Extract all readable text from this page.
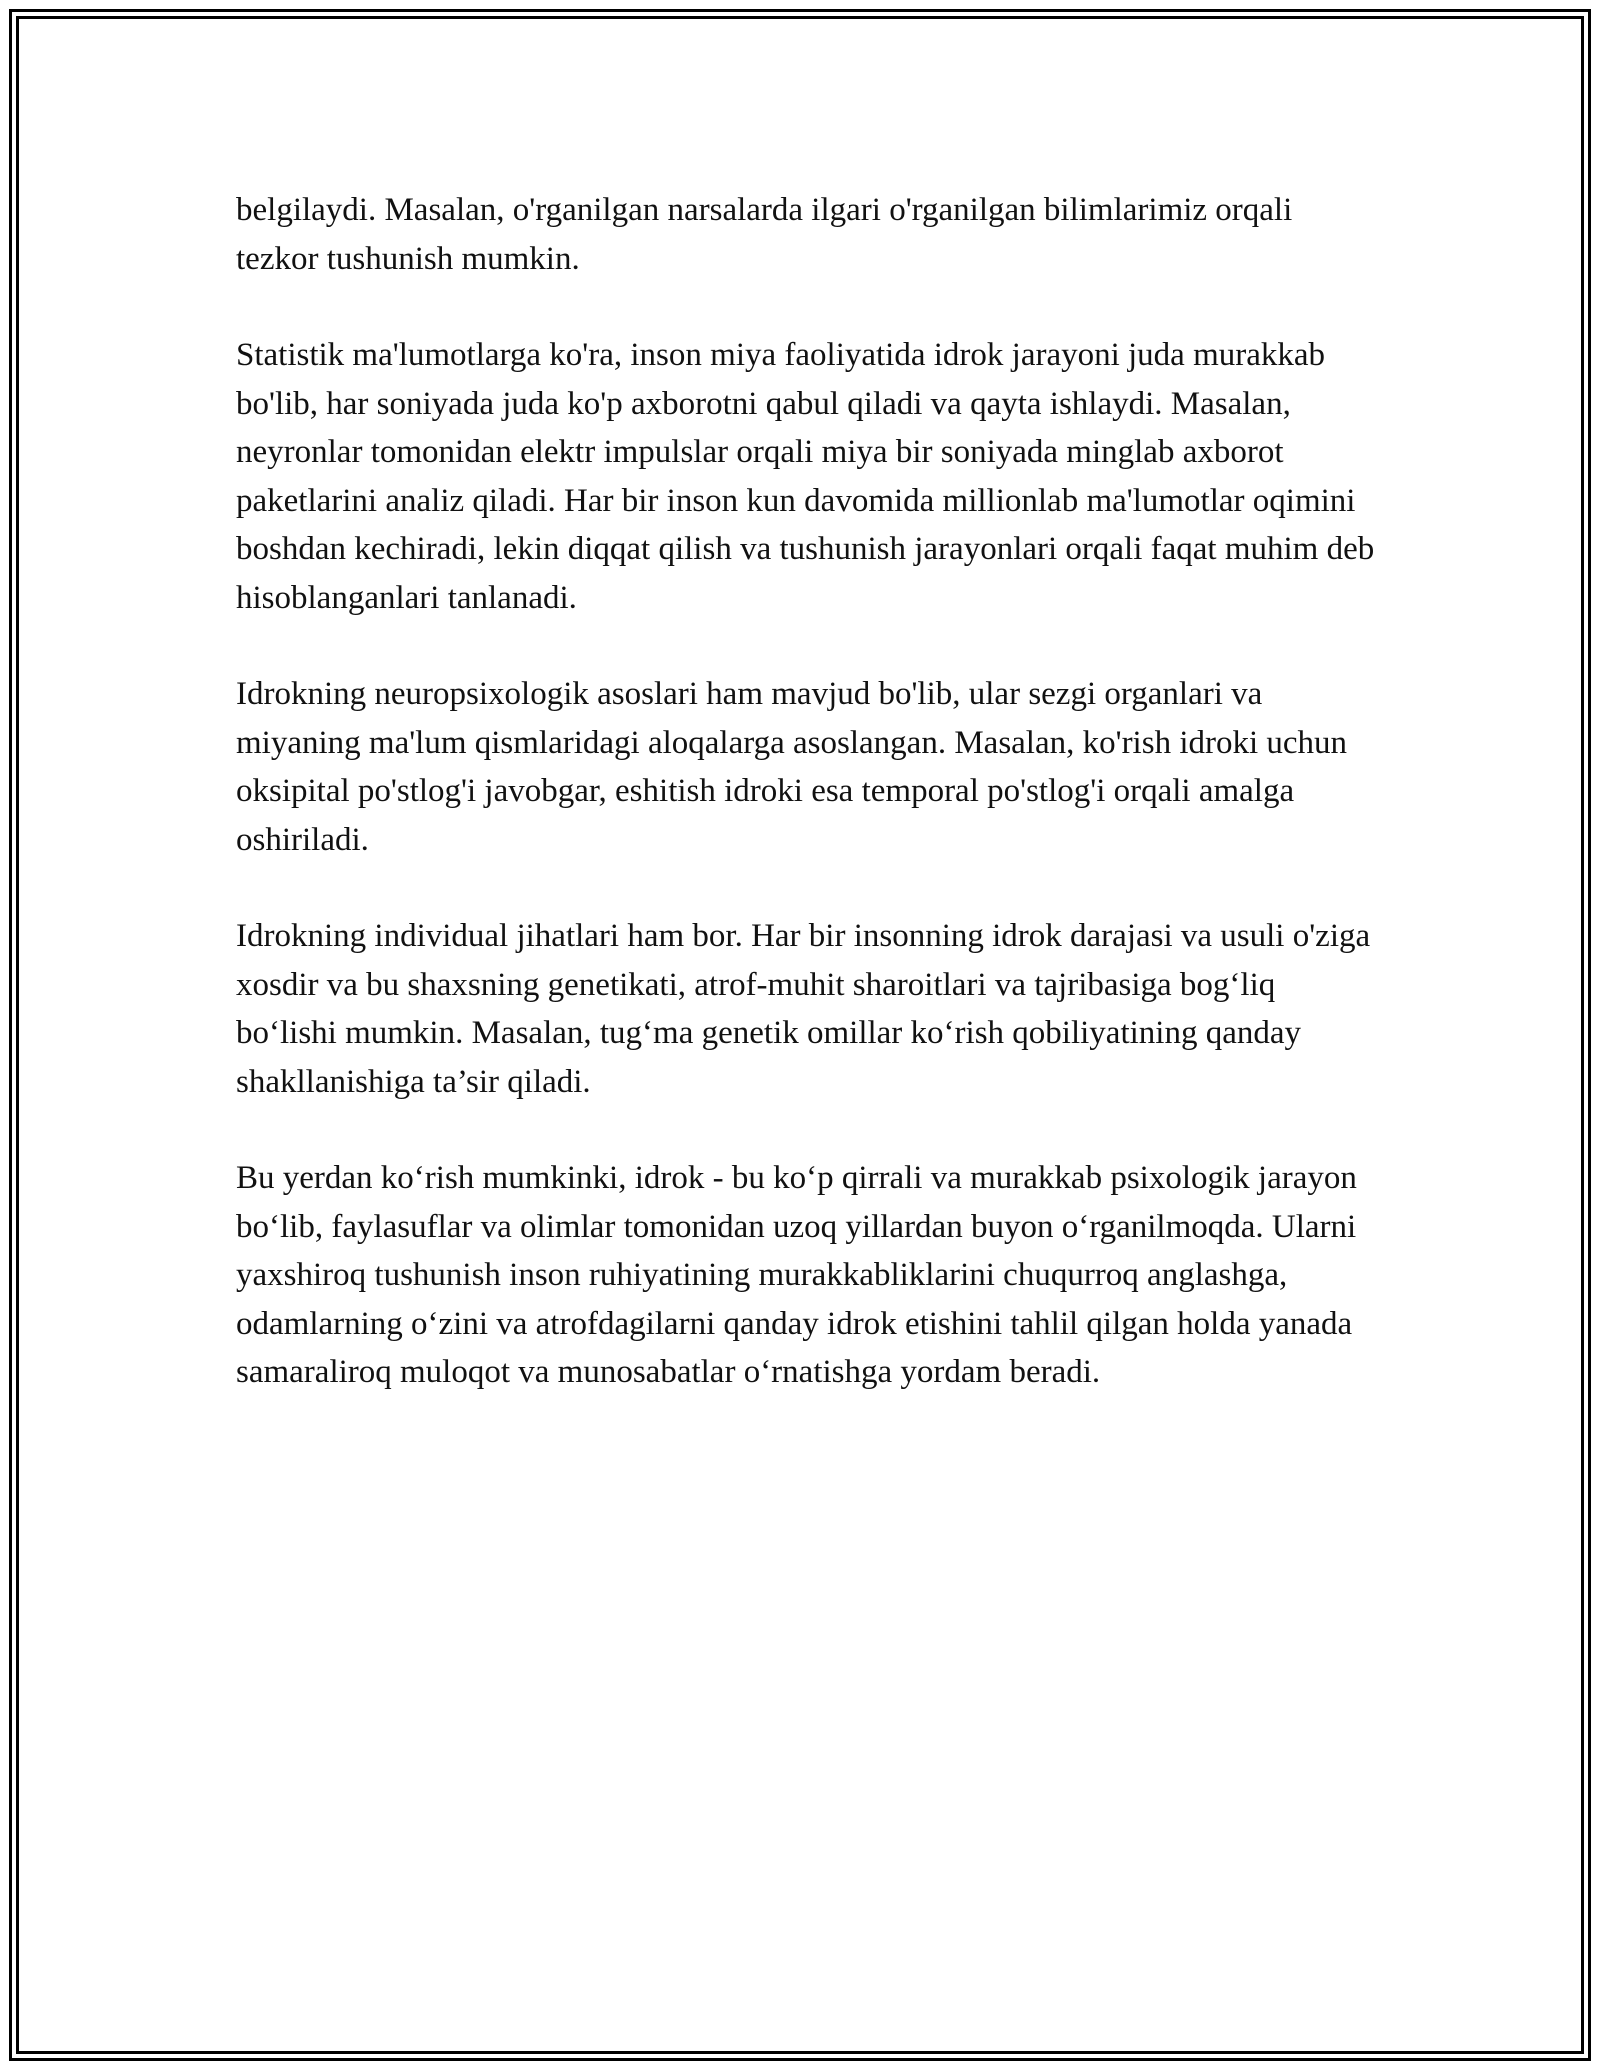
belgilaydi. Masalan, o'rganilgan narsalarda ilgari o'rganilgan bilimlarimiz orqali tezkor tushunish mumkin.

Statistik ma'lumotlarga ko'ra, inson miya faoliyatida idrok jarayoni juda murakkab bo'lib, har soniyada juda ko'p axborotni qabul qiladi va qayta ishlaydi. Masalan, neyronlar tomonidan elektr impulslar orqali miya bir soniyada minglab axborot paketlarini analiz qiladi. Har bir inson kun davomida millionlab ma'lumotlar oqimini boshdan kechiradi, lekin diqqat qilish va tushunish jarayonlari orqali faqat muhim deb hisoblanganlari tanlanadi.

Idrokning neuropsixologik asoslari ham mavjud bo'lib, ular sezgi organlari va miyaning ma'lum qismlaridagi aloqalarga asoslangan. Masalan, ko'rish idroki uchun oksipital po'stlog'i javobgar, eshitish idroki esa temporal po'stlog'i orqali amalga oshiriladi.

Idrokning individual jihatlari ham bor. Har bir insonning idrok darajasi va usuli o'ziga xosdir va bu shaxsning genetikati, atrof-muhit sharoitlari va tajribasiga bog‘liq bo‘lishi mumkin. Masalan, tug‘ma genetik omillar ko‘rish qobiliyatining qanday shakllanishiga ta’sir qiladi.

Bu yerdan ko‘rish mumkinki, idrok - bu ko‘p qirrali va murakkab psixologik jarayon bo‘lib, faylasuflar va olimlar tomonidan uzoq yillardan buyon o‘rganilmoqda. Ularni yaxshiroq tushunish inson ruhiyatining murakkabliklarini chuqurroq anglashga, odamlarning o‘zini va atrofdagilarni qanday idrok etishini tahlil qilgan holda yanada samaraliroq muloqot va munosabatlar o‘rnatishga yordam beradi.
